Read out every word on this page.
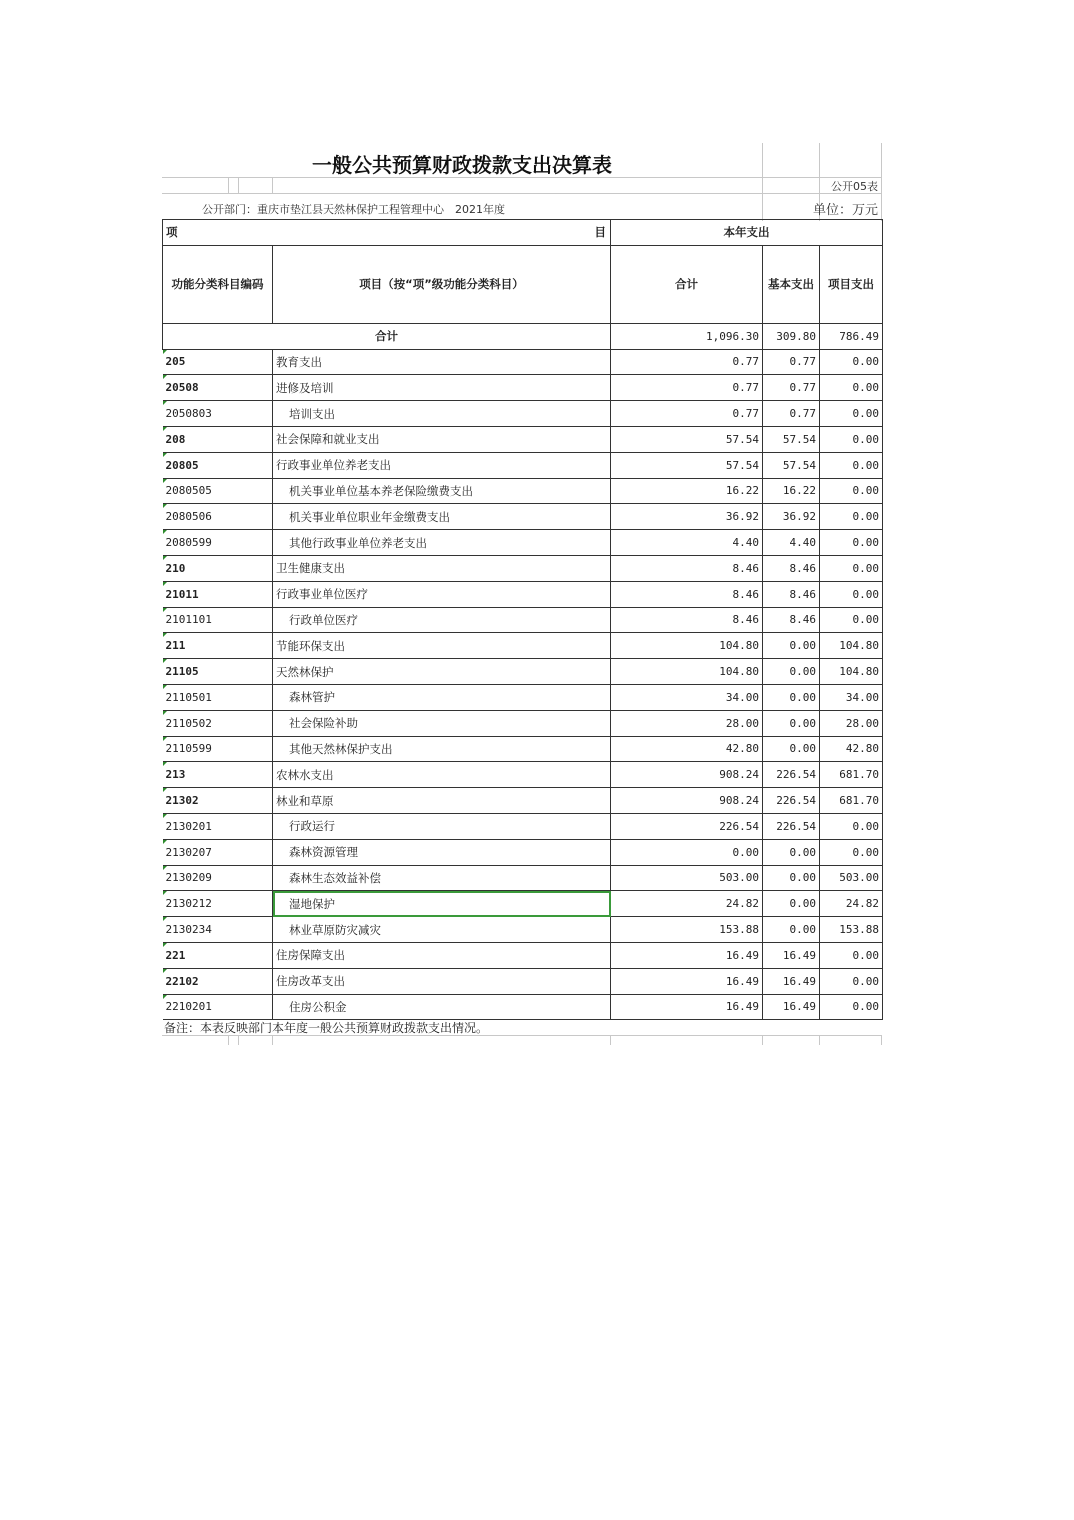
一般公共预算财政拨款支出决算表
公开05表
公开部门：重庆市垫江县天然林保护工程管理中心　2021年度	单位：万元
项 目		本年支出		
功能分类科目编码	项目（按“项”级功能分类科目）	合计	基本支出	项目支出
合计		1,096.30	309.80	786.49
205	教育支出	0.77	0.77	0.00
20508	进修及培训	0.77	0.77	0.00
2050803	培训支出	0.77	0.77	0.00
208	社会保障和就业支出	57.54	57.54	0.00
20805	行政事业单位养老支出	57.54	57.54	0.00
2080505	机关事业单位基本养老保险缴费支出	16.22	16.22	0.00
2080506	机关事业单位职业年金缴费支出	36.92	36.92	0.00
2080599	其他行政事业单位养老支出	4.40	4.40	0.00
210	卫生健康支出	8.46	8.46	0.00
21011	行政事业单位医疗	8.46	8.46	0.00
2101101	行政单位医疗	8.46	8.46	0.00
211	节能环保支出	104.80	0.00	104.80
21105	天然林保护	104.80	0.00	104.80
2110501	森林管护	34.00	0.00	34.00
2110502	社会保险补助	28.00	0.00	28.00
2110599	其他天然林保护支出	42.80	0.00	42.80
213	农林水支出	908.24	226.54	681.70
21302	林业和草原	908.24	226.54	681.70
2130201	行政运行	226.54	226.54	0.00
2130207	森林资源管理	0.00	0.00	0.00
2130209	森林生态效益补偿	503.00	0.00	503.00
2130212	湿地保护	24.82	0.00	24.82
2130234	林业草原防灾减灾	153.88	0.00	153.88
221	住房保障支出	16.49	16.49	0.00
22102	住房改革支出	16.49	16.49	0.00
2210201	住房公积金	16.49	16.49	0.00
备注：本表反映部门本年度一般公共预算财政拨款支出情况。
